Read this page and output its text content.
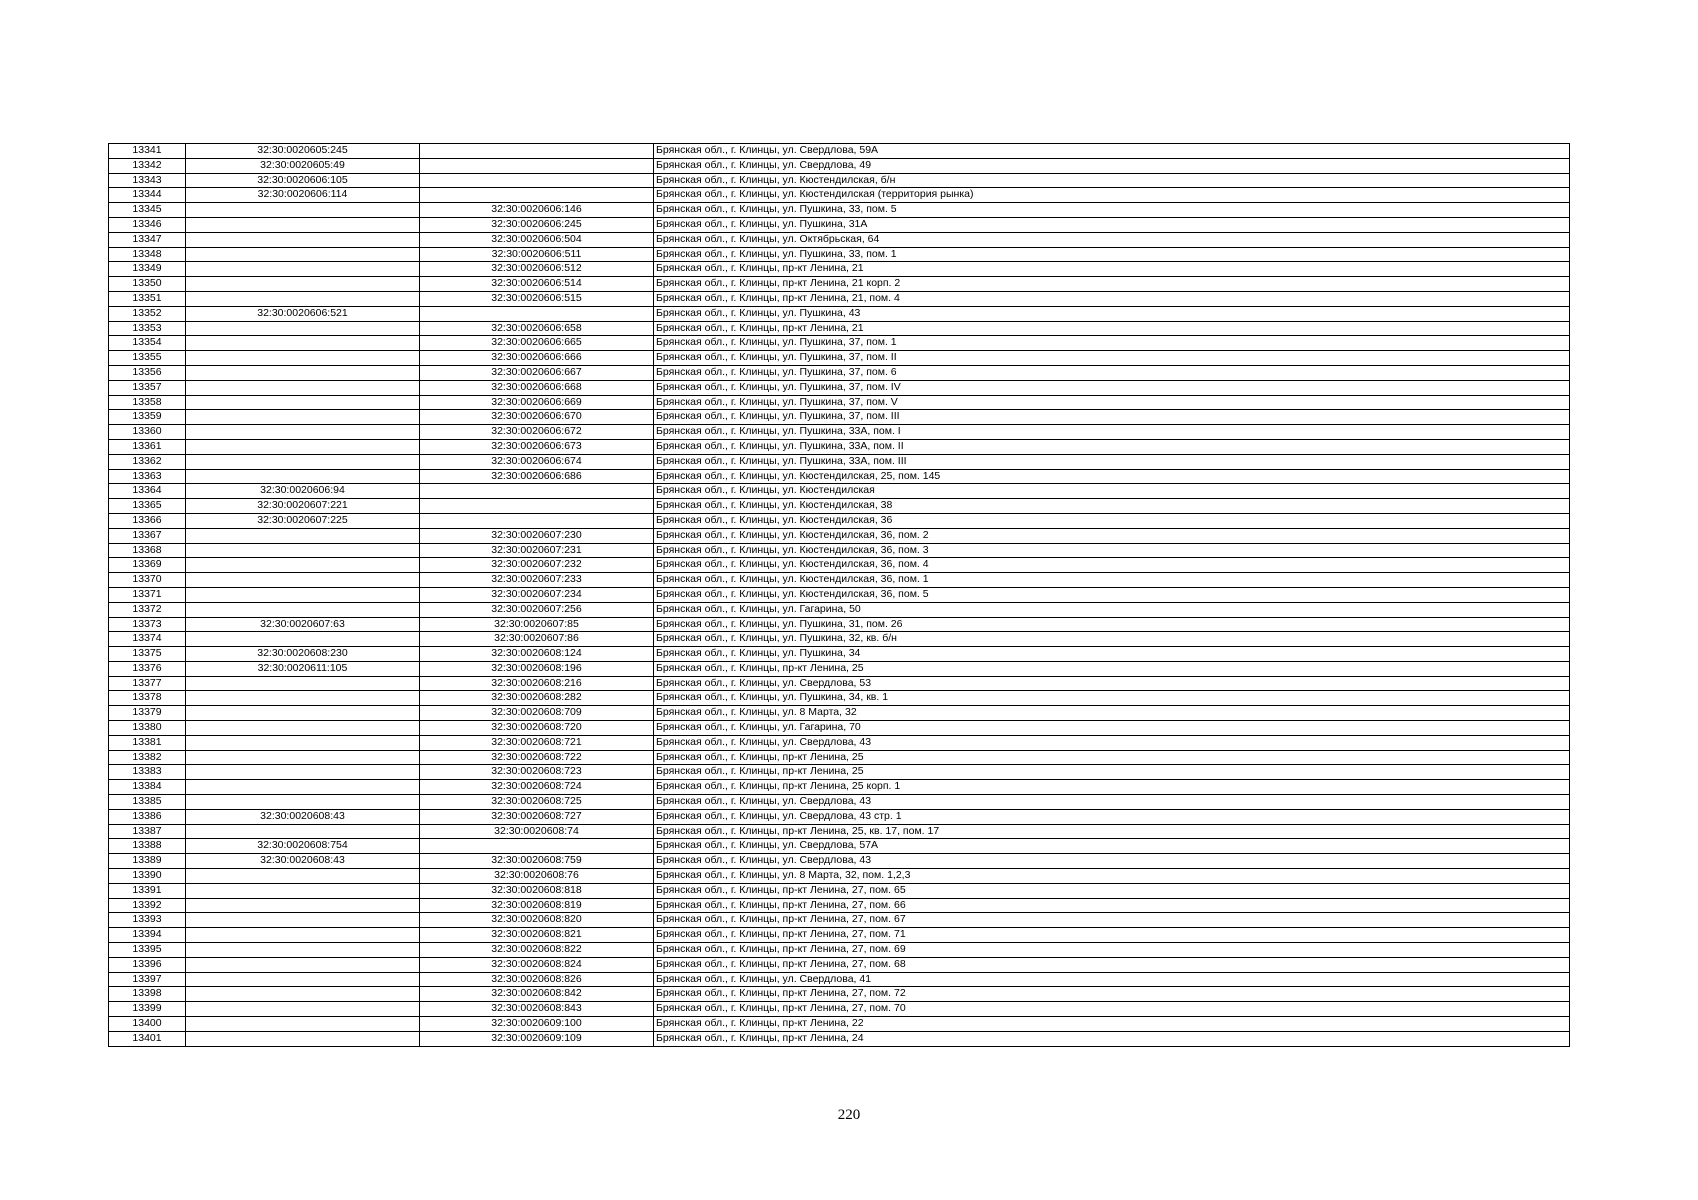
13341	32:30:0020605:245		Брянская обл., г. Клинцы, ул. Свердлова, 59А
13342	32:30:0020605:49		Брянская обл., г. Клинцы, ул. Свердлова, 49
13343	32:30:0020606:105		Брянская обл., г. Клинцы, ул. Кюстендилская, б/н
13344	32:30:0020606:114		Брянская обл., г. Клинцы, ул. Кюстендилская (территория рынка)
13345		32:30:0020606:146	Брянская обл., г. Клинцы, ул. Пушкина, 33, пом. 5
13346		32:30:0020606:245	Брянская обл., г. Клинцы, ул. Пушкина, 31А
13347		32:30:0020606:504	Брянская обл., г. Клинцы, ул. Октябрьская, 64
13348		32:30:0020606:511	Брянская обл., г. Клинцы, ул. Пушкина, 33, пом. 1
13349		32:30:0020606:512	Брянская обл., г. Клинцы, пр-кт Ленина, 21
13350		32:30:0020606:514	Брянская обл., г. Клинцы, пр-кт Ленина, 21 корп. 2
13351		32:30:0020606:515	Брянская обл., г. Клинцы, пр-кт Ленина, 21, пом. 4
13352	32:30:0020606:521		Брянская обл., г. Клинцы, ул. Пушкина, 43
13353		32:30:0020606:658	Брянская обл., г. Клинцы, пр-кт Ленина, 21
13354		32:30:0020606:665	Брянская обл., г. Клинцы, ул. Пушкина, 37, пом. 1
13355		32:30:0020606:666	Брянская обл., г. Клинцы, ул. Пушкина, 37, пом. II
13356		32:30:0020606:667	Брянская обл., г. Клинцы, ул. Пушкина, 37, пом. 6
13357		32:30:0020606:668	Брянская обл., г. Клинцы, ул. Пушкина, 37, пом. IV
13358		32:30:0020606:669	Брянская обл., г. Клинцы, ул. Пушкина, 37, пом. V
13359		32:30:0020606:670	Брянская обл., г. Клинцы, ул. Пушкина, 37, пом. III
13360		32:30:0020606:672	Брянская обл., г. Клинцы, ул. Пушкина, 33А, пом. I
13361		32:30:0020606:673	Брянская обл., г. Клинцы, ул. Пушкина, 33А, пом. II
13362		32:30:0020606:674	Брянская обл., г. Клинцы, ул. Пушкина, 33А, пом. III
13363		32:30:0020606:686	Брянская обл., г. Клинцы, ул. Кюстендилская, 25, пом. 145
13364	32:30:0020606:94		Брянская обл., г. Клинцы, ул. Кюстендилская
13365	32:30:0020607:221		Брянская обл., г. Клинцы, ул. Кюстендилская, 38
13366	32:30:0020607:225		Брянская обл., г. Клинцы, ул. Кюстендилская, 36
13367		32:30:0020607:230	Брянская обл., г. Клинцы, ул. Кюстендилская, 36, пом. 2
13368		32:30:0020607:231	Брянская обл., г. Клинцы, ул. Кюстендилская, 36, пом. 3
13369		32:30:0020607:232	Брянская обл., г. Клинцы, ул. Кюстендилская, 36, пом. 4
13370		32:30:0020607:233	Брянская обл., г. Клинцы, ул. Кюстендилская, 36, пом. 1
13371		32:30:0020607:234	Брянская обл., г. Клинцы, ул. Кюстендилская, 36, пом. 5
13372		32:30:0020607:256	Брянская обл., г. Клинцы, ул. Гагарина, 50
13373	32:30:0020607:63	32:30:0020607:85	Брянская обл., г. Клинцы, ул. Пушкина, 31, пом. 26
13374		32:30:0020607:86	Брянская обл., г. Клинцы, ул. Пушкина, 32, кв. б/н
13375	32:30:0020608:230	32:30:0020608:124	Брянская обл., г. Клинцы, ул. Пушкина, 34
13376	32:30:0020611:105	32:30:0020608:196	Брянская обл., г. Клинцы, пр-кт Ленина, 25
13377		32:30:0020608:216	Брянская обл., г. Клинцы, ул. Свердлова, 53
13378		32:30:0020608:282	Брянская обл., г. Клинцы, ул. Пушкина, 34, кв. 1
13379		32:30:0020608:709	Брянская обл., г. Клинцы, ул. 8 Марта, 32
13380		32:30:0020608:720	Брянская обл., г. Клинцы, ул. Гагарина, 70
13381		32:30:0020608:721	Брянская обл., г. Клинцы, ул. Свердлова, 43
13382		32:30:0020608:722	Брянская обл., г. Клинцы, пр-кт Ленина, 25
13383		32:30:0020608:723	Брянская обл., г. Клинцы, пр-кт Ленина, 25
13384		32:30:0020608:724	Брянская обл., г. Клинцы, пр-кт Ленина, 25 корп. 1
13385		32:30:0020608:725	Брянская обл., г. Клинцы, ул. Свердлова, 43
13386	32:30:0020608:43	32:30:0020608:727	Брянская обл., г. Клинцы, ул. Свердлова, 43 стр. 1
13387		32:30:0020608:74	Брянская обл., г. Клинцы, пр-кт Ленина, 25, кв. 17, пом. 17
13388	32:30:0020608:754		Брянская обл., г. Клинцы, ул. Свердлова, 57А
13389	32:30:0020608:43	32:30:0020608:759	Брянская обл., г. Клинцы, ул. Свердлова, 43
13390		32:30:0020608:76	Брянская обл., г. Клинцы, ул. 8 Марта, 32, пом. 1,2,3
13391		32:30:0020608:818	Брянская обл., г. Клинцы, пр-кт Ленина, 27, пом. 65
13392		32:30:0020608:819	Брянская обл., г. Клинцы, пр-кт Ленина, 27, пом. 66
13393		32:30:0020608:820	Брянская обл., г. Клинцы, пр-кт Ленина, 27, пом. 67
13394		32:30:0020608:821	Брянская обл., г. Клинцы, пр-кт Ленина, 27, пом. 71
13395		32:30:0020608:822	Брянская обл., г. Клинцы, пр-кт Ленина, 27, пом. 69
13396		32:30:0020608:824	Брянская обл., г. Клинцы, пр-кт Ленина, 27, пом. 68
13397		32:30:0020608:826	Брянская обл., г. Клинцы, ул. Свердлова, 41
13398		32:30:0020608:842	Брянская обл., г. Клинцы, пр-кт Ленина, 27, пом. 72
13399		32:30:0020608:843	Брянская обл., г. Клинцы, пр-кт Ленина, 27, пом. 70
13400		32:30:0020609:100	Брянская обл., г. Клинцы, пр-кт Ленина, 22
13401		32:30:0020609:109	Брянская обл., г. Клинцы, пр-кт Ленина, 24
220
